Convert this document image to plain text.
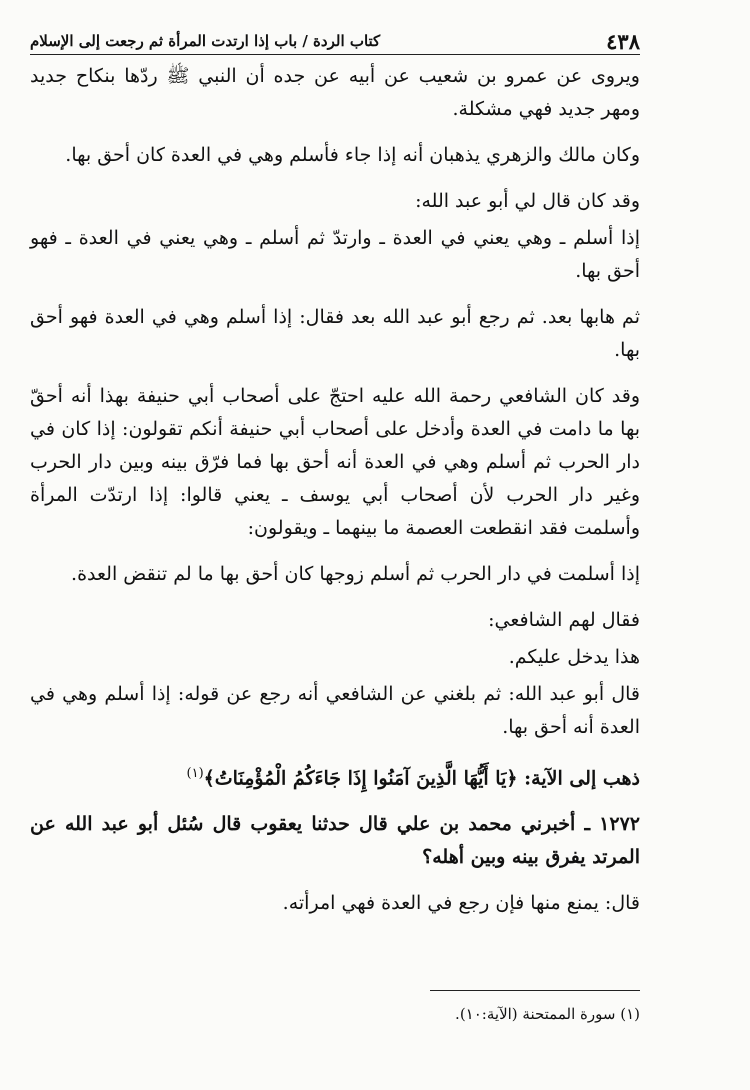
٤٣٨
كتاب الردة / باب إذا ارتدت المرأة ثم رجعت إلى الإسلام

ويروى عن عمرو بن شعيب عن أبيه عن جده أن النبي ﷺ ردّها بنكاح جديد ومهر جديد فهي مشكلة.

وكان مالك والزهري يذهبان أنه إذا جاء فأسلم وهي في العدة كان أحق بها.

وقد كان قال لي أبو عبد الله:

إذا أسلم ـ وهي يعني في العدة ـ وارتدّ ثم أسلم ـ وهي يعني في العدة ـ فهو أحق بها.

ثم هابها بعد. ثم رجع أبو عبد الله بعد فقال: إذا أسلم وهي في العدة فهو أحق بها.

وقد كان الشافعي رحمة الله عليه احتجّ على أصحاب أبي حنيفة بهذا أنه أحقّ بها ما دامت في العدة وأدخل على أصحاب أبي حنيفة أنكم تقولون: إذا كان في دار الحرب ثم أسلم وهي في العدة أنه أحق بها فما فرّق بينه وبين دار الحرب وغير دار الحرب لأن أصحاب أبي يوسف ـ يعني قالوا: إذا ارتدّت المرأة وأسلمت فقد انقطعت العصمة ما بينهما ـ ويقولون:

إذا أسلمت في دار الحرب ثم أسلم زوجها كان أحق بها ما لم تنقض العدة.

فقال لهم الشافعي:

هذا يدخل عليكم.

قال أبو عبد الله: ثم بلغني عن الشافعي أنه رجع عن قوله: إذا أسلم وهي في العدة أنه أحق بها.

ذهب إلى الآية: ﴿يَا أَيُّهَا الَّذِينَ آمَنُوا إِذَا جَاءَكُمُ الْمُؤْمِنَاتُ﴾$^{(١)}$

١٢٧٢ ـ أخبرني محمد بن علي قال حدثنا يعقوب قال سُئل أبو عبد الله عن المرتد يفرق بينه وبين أهله؟

قال: يمنع منها فإن رجع في العدة فهي امرأته.

(١) سورة الممتحنة (الآية:١٠).
